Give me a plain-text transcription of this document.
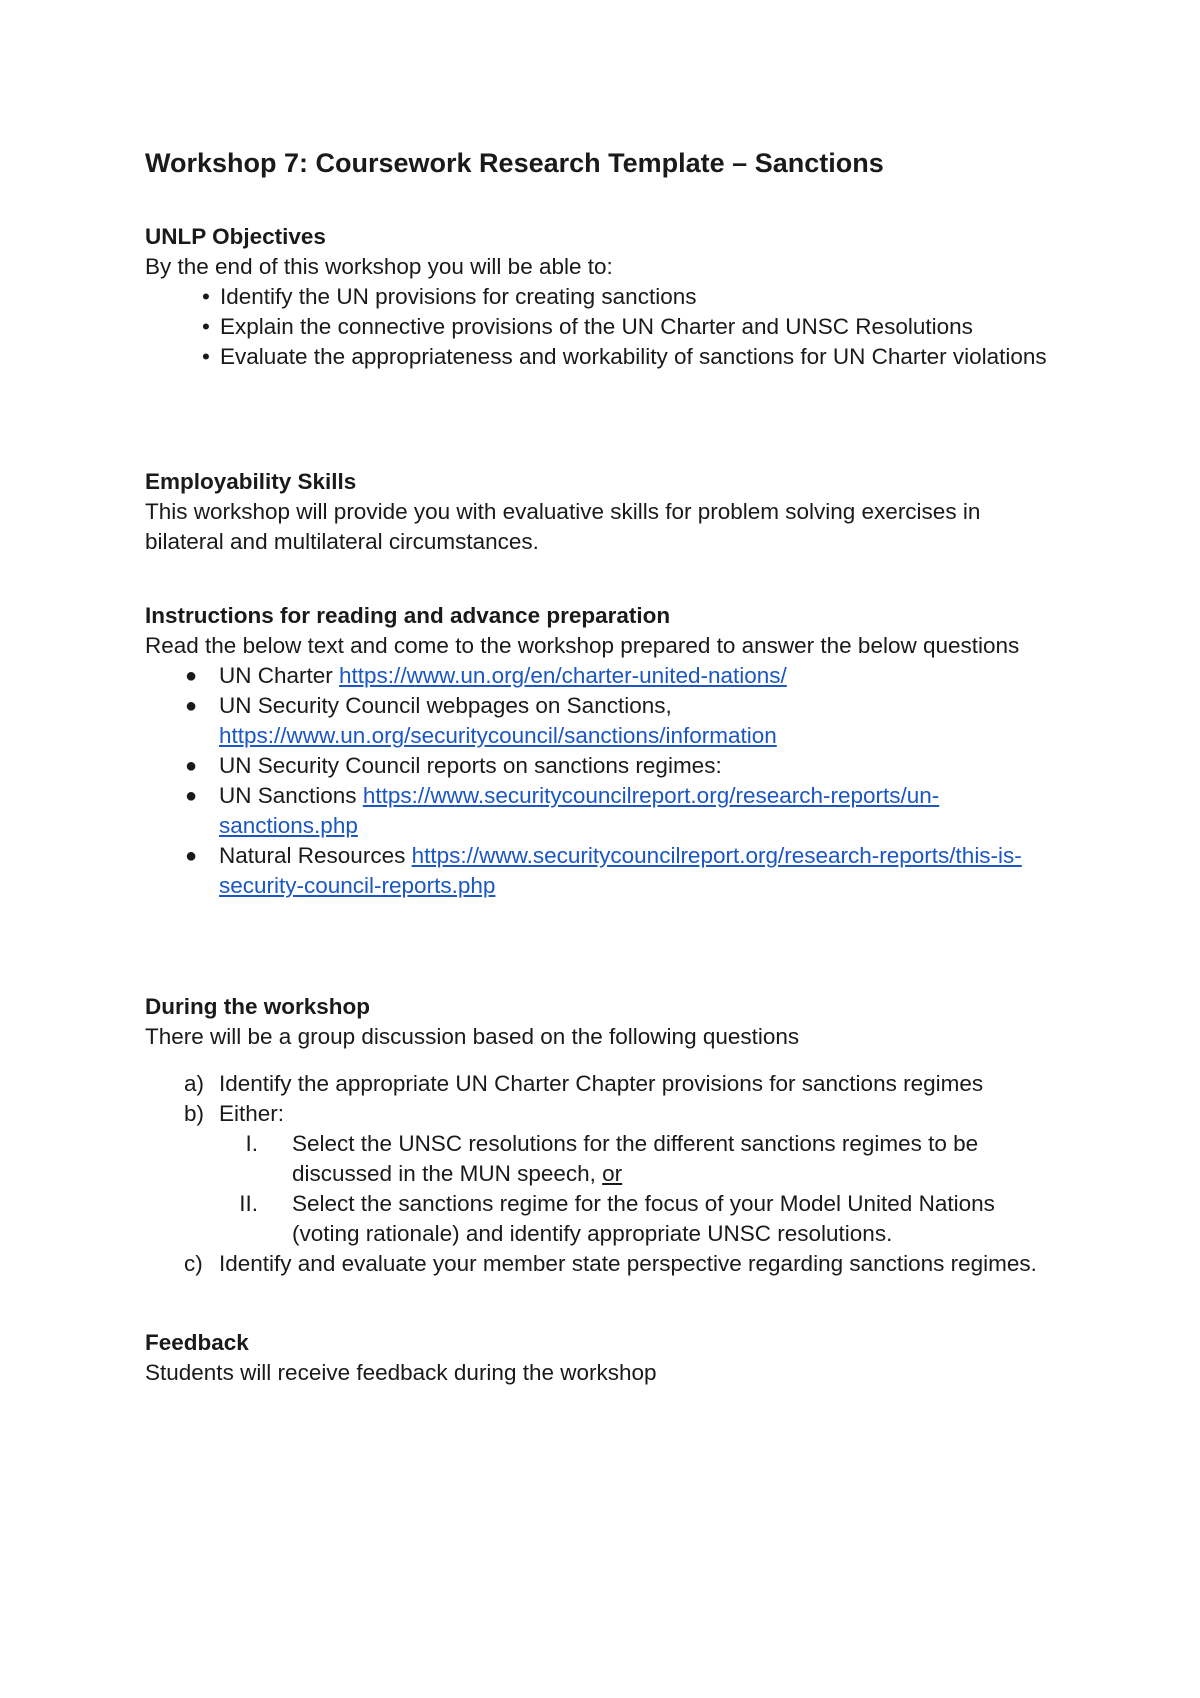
Workshop 7: Coursework Research Template – Sanctions

UNLP Objectives

By the end of this workshop you will be able to:

• Identify the UN provisions for creating sanctions
• Explain the connective provisions of the UN Charter and UNSC Resolutions
• Evaluate the appropriateness and workability of sanctions for UN Charter violations

Employability Skills

This workshop will provide you with evaluative skills for problem solving exercises in bilateral and multilateral circumstances.

Instructions for reading and advance preparation

Read the below text and come to the workshop prepared to answer the below questions

● UN Charter https://www.un.org/en/charter-united-nations/
● UN Security Council webpages on Sanctions, https://www.un.org/securitycouncil/sanctions/information
● UN Security Council reports on sanctions regimes:
● UN Sanctions https://www.securitycouncilreport.org/research-reports/un-sanctions.php
● Natural Resources https://www.securitycouncilreport.org/research-reports/this-is-security-council-reports.php

During the workshop

There will be a group discussion based on the following questions

a) Identify the appropriate UN Charter Chapter provisions for sanctions regimes
b) Either:
I. Select the UNSC resolutions for the different sanctions regimes to be discussed in the MUN speech, or
II. Select the sanctions regime for the focus of your Model United Nations (voting rationale) and identify appropriate UNSC resolutions.
c) Identify and evaluate your member state perspective regarding sanctions regimes.

Feedback

Students will receive feedback during the workshop
